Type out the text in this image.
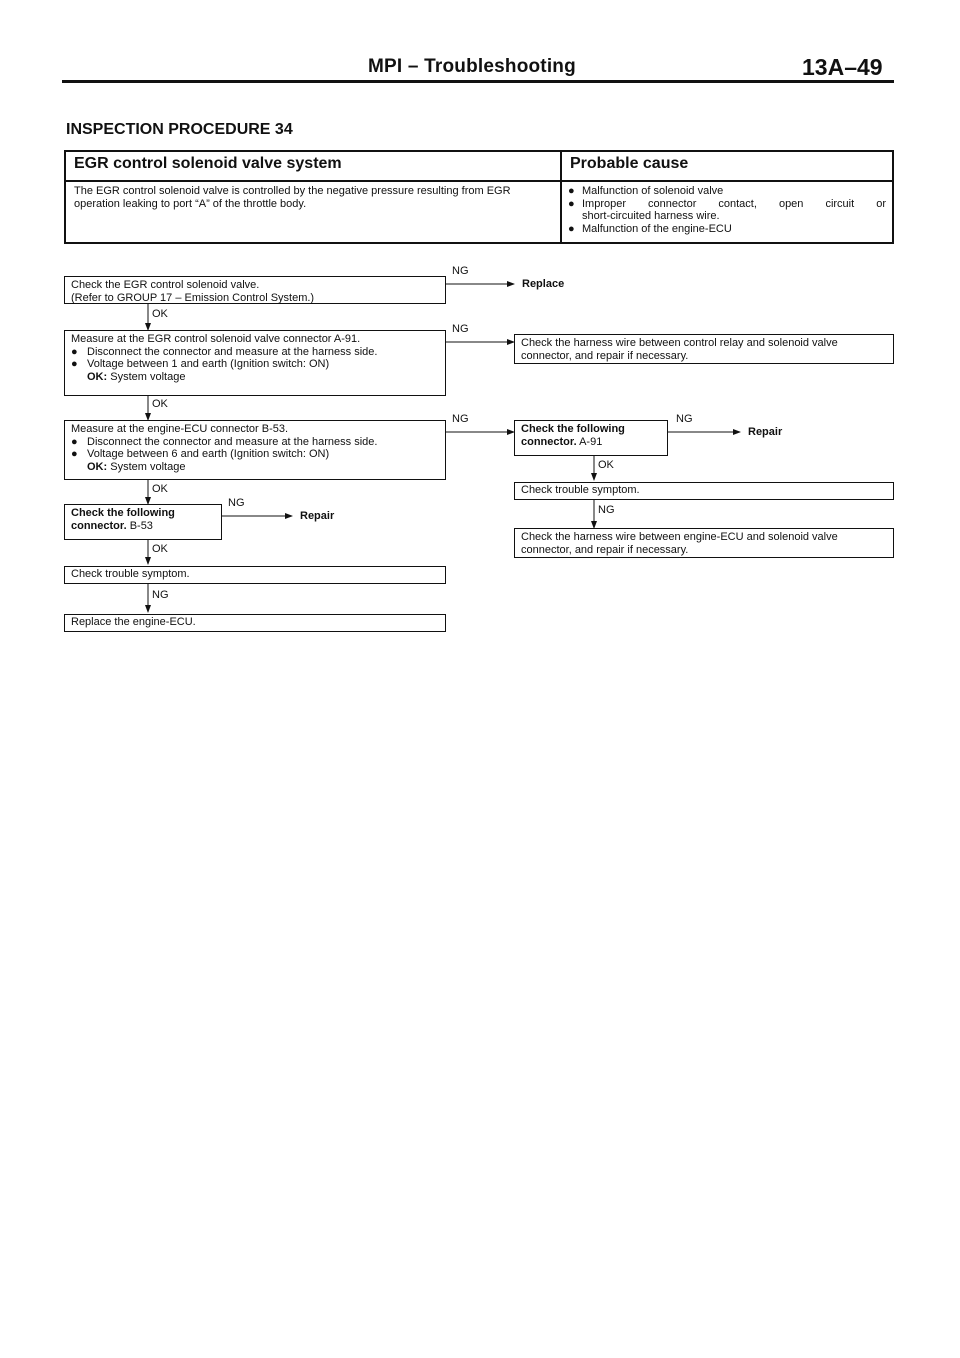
MPI – Troubleshooting	13A–49
INSPECTION PROCEDURE 34
EGR control solenoid valve system	Probable cause
The EGR control solenoid valve is controlled by the negative pressure resulting from EGR operation leaking to port “A” of the throttle body.
● Malfunction of solenoid valve
● Improper connector contact, open circuit or
short-circuited harness wire.
● Malfunction of the engine-ECU
Check the EGR control solenoid valve.
(Refer to GROUP 17 – Emission Control System.)
NG
Replace
OK
Measure at the EGR control solenoid valve connector A-91.
● Disconnect the connector and measure at the harness side.
● Voltage between 1 and earth (Ignition switch: ON)
OK: System voltage
NG
Check the harness wire between control relay and solenoid valve
connector, and repair if necessary.
OK
Measure at the engine-ECU connector B-53.
● Disconnect the connector and measure at the harness side.
● Voltage between 6 and earth (Ignition switch: ON)
OK: System voltage
NG
Check the following
connector. A-91
NG
Repair
OK
Check trouble symptom.
NG
Check the harness wire between engine-ECU and solenoid valve
connector, and repair if necessary.
OK
Check the following
connector. B-53
NG
Repair
OK
Check trouble symptom.
NG
Replace the engine-ECU.
